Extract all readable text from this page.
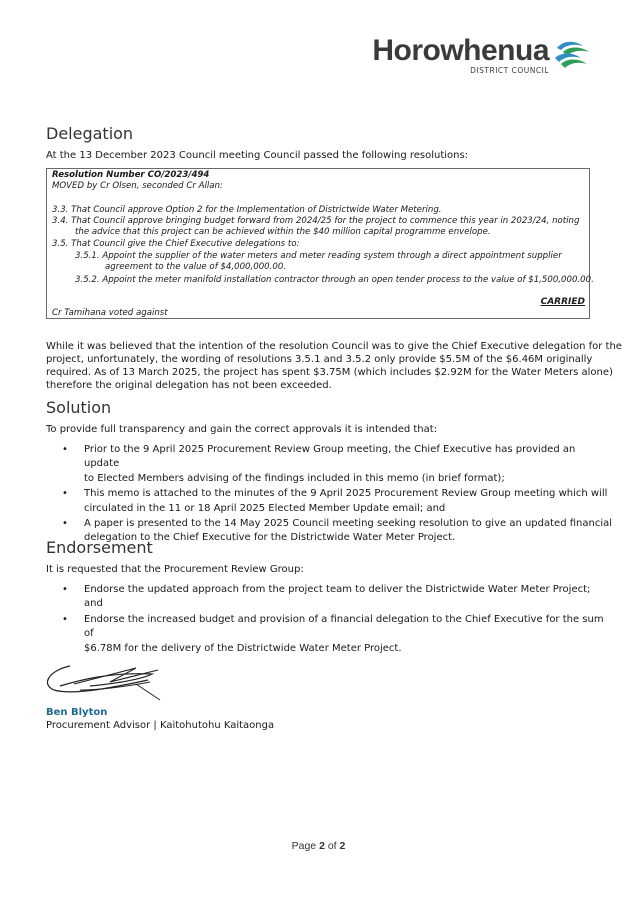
Horowhenua
DISTRICT COUNCIL
Delegation

At the 13 December 2023 Council meeting Council passed the following resolutions:

Resolution Number CO/2023/494

MOVED by Cr Olsen, seconded Cr Allan:

3.3. That Council approve Option 2 for the Implementation of Districtwide Water Metering.

3.4. That Council approve bringing budget forward from 2024/25 for the project to commence this year in 2023/24, noting

the advice that this project can be achieved within the $40 million capital programme envelope.

3.5. That Council give the Chief Executive delegations to:

3.5.1. Appoint the supplier of the water meters and meter reading system through a direct appointment supplier

agreement to the value of $4,000,000.00.

3.5.2. Appoint the meter manifold installation contractor through an open tender process to the value of $1,500,000.00.

CARRIED

Cr Tamihana voted against

While it was believed that the intention of the resolution Council was to give the Chief Executive delegation for the

project, unfortunately, the wording of resolutions 3.5.1 and 3.5.2 only provide $5.5M of the $6.46M originally

required. As of 13 March 2025, the project has spent $3.75M (which includes $2.92M for the Water Meters alone)

therefore the original delegation has not been exceeded.

Solution

To provide full transparency and gain the correct approvals it is intended that:

• Prior to the 9 April 2025 Procurement Review Group meeting, the Chief Executive has provided an update
to Elected Members advising of the findings included in this memo (in brief format);
• This memo is attached to the minutes of the 9 April 2025 Procurement Review Group meeting which will
circulated in the 11 or 18 April 2025 Elected Member Update email; and
• A paper is presented to the 14 May 2025 Council meeting seeking resolution to give an updated financial
delegation to the Chief Executive for the Districtwide Water Meter Project.
Endorsement

It is requested that the Procurement Review Group:

• Endorse the updated approach from the project team to deliver the Districtwide Water Meter Project; and
• Endorse the increased budget and provision of a financial delegation to the Chief Executive for the sum of
$6.78M for the delivery of the Districtwide Water Meter Project.
Ben Blyton
Procurement Advisor | Kaitohutohu Kaitaonga
Page 2 of 2
